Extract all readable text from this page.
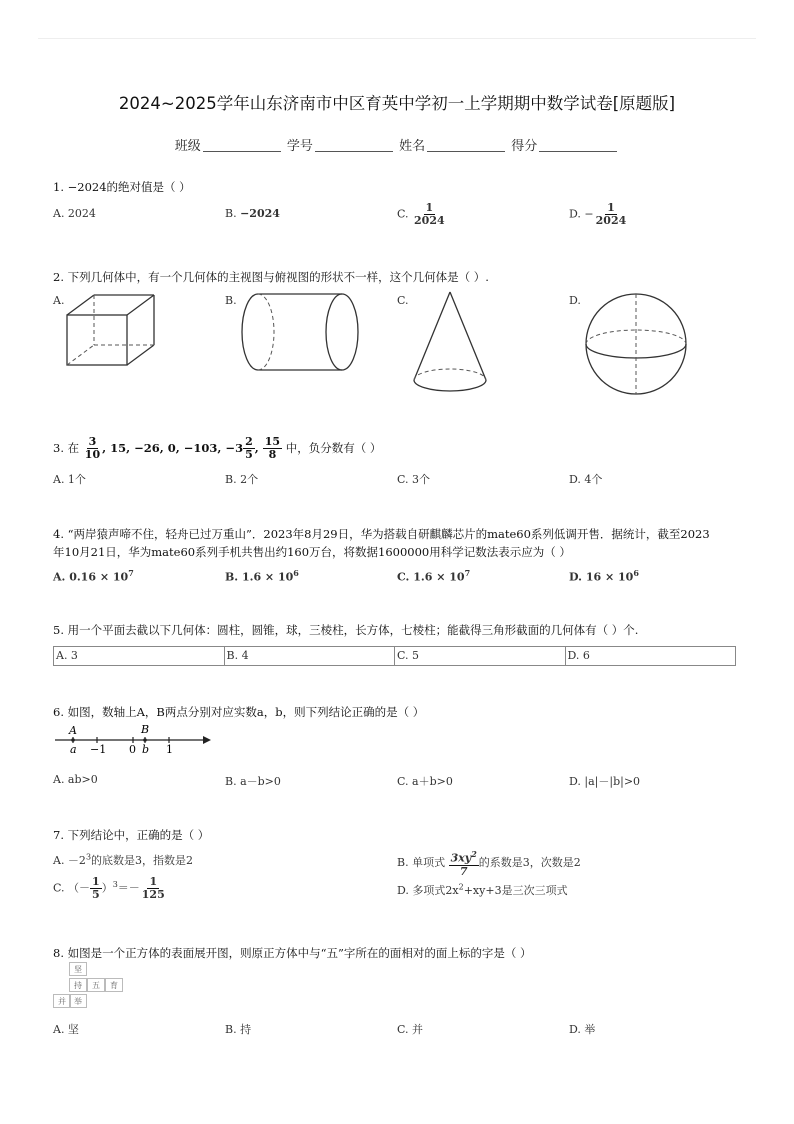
2024~2025学年山东济南市中区育英中学初一上学期期中数学试卷[原题版]
班级	学号	姓名	得分
1. −2024的绝对值是（ ）
A. 2024	B. −2024	C. $\frac{1}{2024}$	D. − $\frac{1}{2024}$
2. 下列几何体中，有一个几何体的主视图与俯视图的形状不一样，这个几何体是（ ）.
A.	B.	C.	D.
3. 在 $\frac{3}{10}$ , 15, −26, 0, −103, $-3 \frac{2}{5}$ , $\frac{15}{8}$ 中，负分数有（ ）
A. 1个	B. 2个	C. 3个	D. 4个
4. “两岸猿声啼不住，轻舟已过万重山”．2023年8月29日，华为搭载自研麒麟芯片的mate60系列低调开售．据统计，截至2023
年10月21日，华为mate60系列手机共售出约160万台，将数据1600000用科学记数法表示应为（ ）
A. $0.16 \times 10^7$	B. $1.6 \times 10^6$	C. $1.6 \times 10^7$	D. $16 \times 10^6$
5. 用一个平面去截以下几何体：圆柱，圆锥，球，三棱柱，长方体，七棱柱；能截得三角形截面的几何体有（ ）个.
A. 3	B. 4	C. 5	D. 6
6. 如图，数轴上A，B两点分别对应实数a，b，则下列结论正确的是（ ）
A	B
a −1 0 b 1
A. ab>0	B. a－b>0	C. a＋b>0	D. |a|－|b|>0
7. 下列结论中，正确的是（ ）
A. $-2^3$的底数是3，指数是2	B. 单项式 $\frac{3xy^2}{7}$ 的系数是3，次数是2
C. （－ $\frac{1}{5} )^3=- \frac{1}{125}$	D. 多项式$2x^2+xy+3$是三次三项式
8. 如图是一个正方体的表面展开图，则原正方体中与“五”字所在的面相对的面上标的字是（ ）
坚
持	五	育
并	举
A. 坚	B. 持	C. 并	D. 举
